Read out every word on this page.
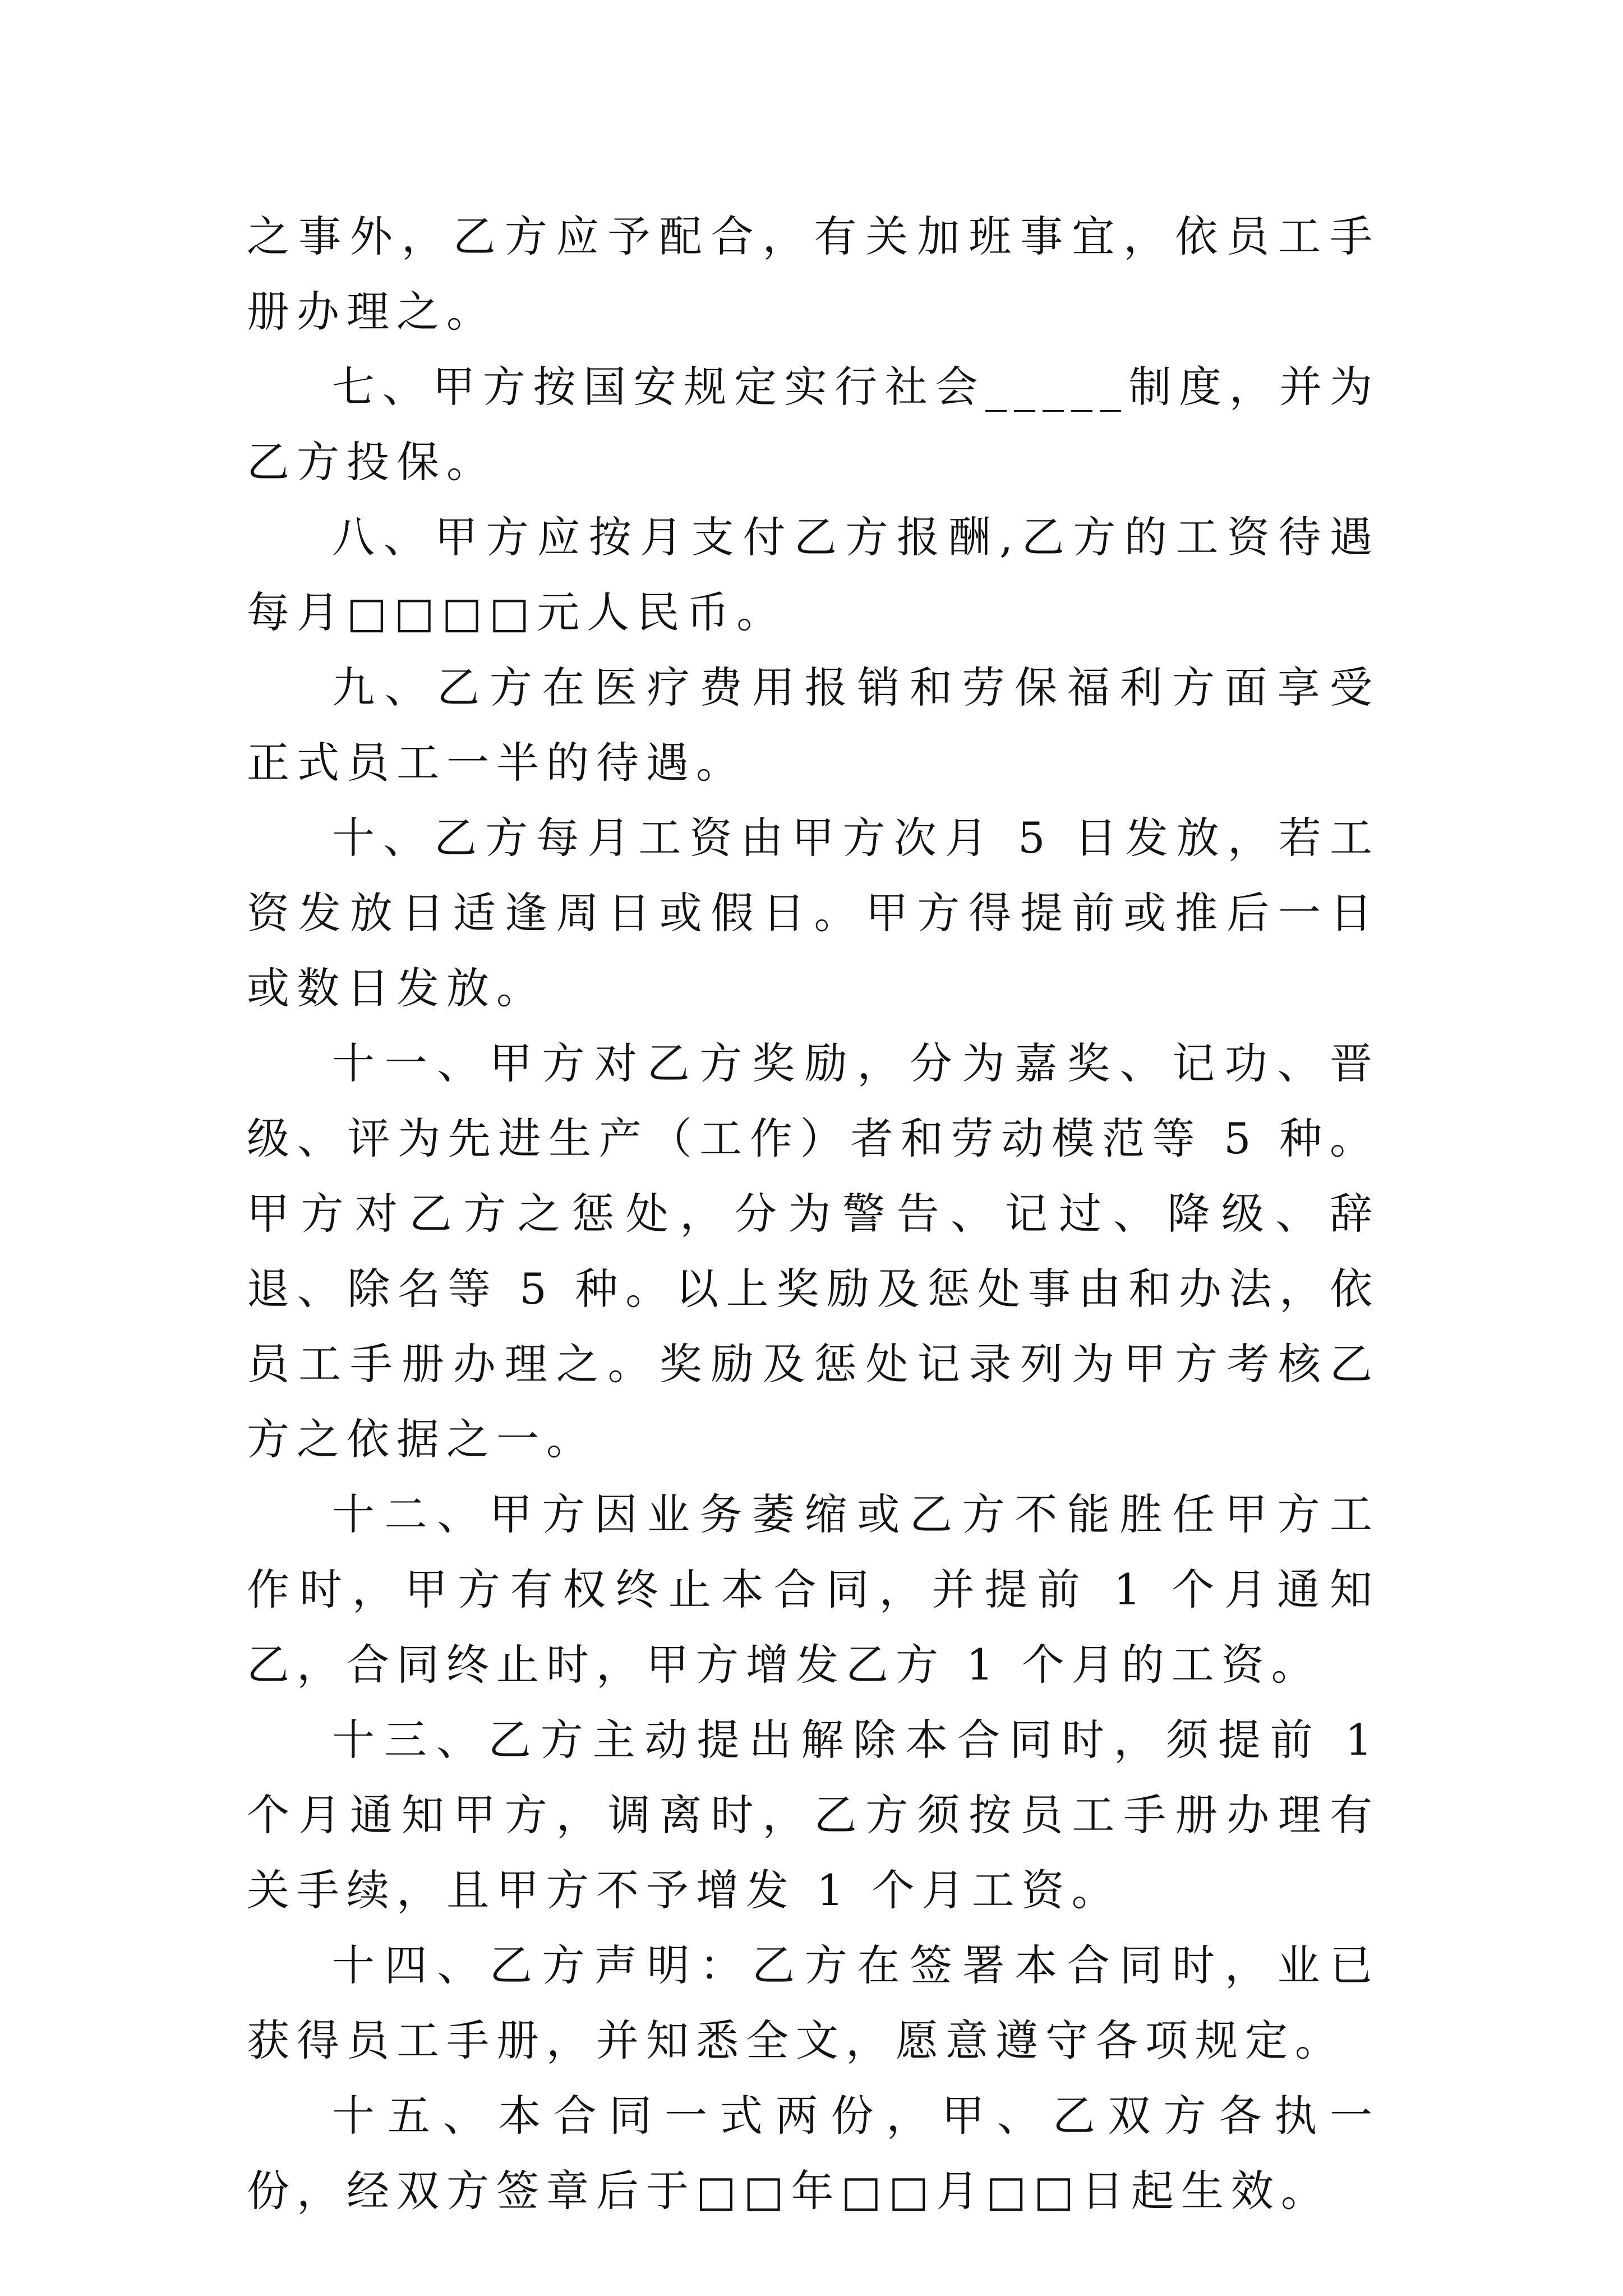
之事外，乙方应予配合，有关加班事宜，依员工手册办理之。

七、甲方按国安规定实行社会_____制度，并为乙方投保。

八、甲方应按月支付乙方报酬,乙方的工资待遇每月□□□□元人民币。

九、乙方在医疗费用报销和劳保福利方面享受正式员工一半的待遇。

十、乙方每月工资由甲方次月 5 日发放，若工资发放日适逢周日或假日。甲方得提前或推后一日或数日发放。

十一、甲方对乙方奖励，分为嘉奖、记功、晋级、评为先进生产（工作）者和劳动模范等 5 种。甲方对乙方之惩处，分为警告、记过、降级、辞退、除名等 5 种。以上奖励及惩处事由和办法，依员工手册办理之。奖励及惩处记录列为甲方考核乙方之依据之一。

十二、甲方因业务萎缩或乙方不能胜任甲方工作时，甲方有权终止本合同，并提前 1 个月通知乙，合同终止时，甲方增发乙方 1 个月的工资。

十三、乙方主动提出解除本合同时，须提前 1 个月通知甲方，调离时，乙方须按员工手册办理有关手续，且甲方不予增发 1 个月工资。

十四、乙方声明：乙方在签署本合同时，业已获得员工手册，并知悉全文，愿意遵守各项规定。

十五、本合同一式两份，甲、乙双方各执一份，经双方签章后于□□年□□月□□日起生效。
